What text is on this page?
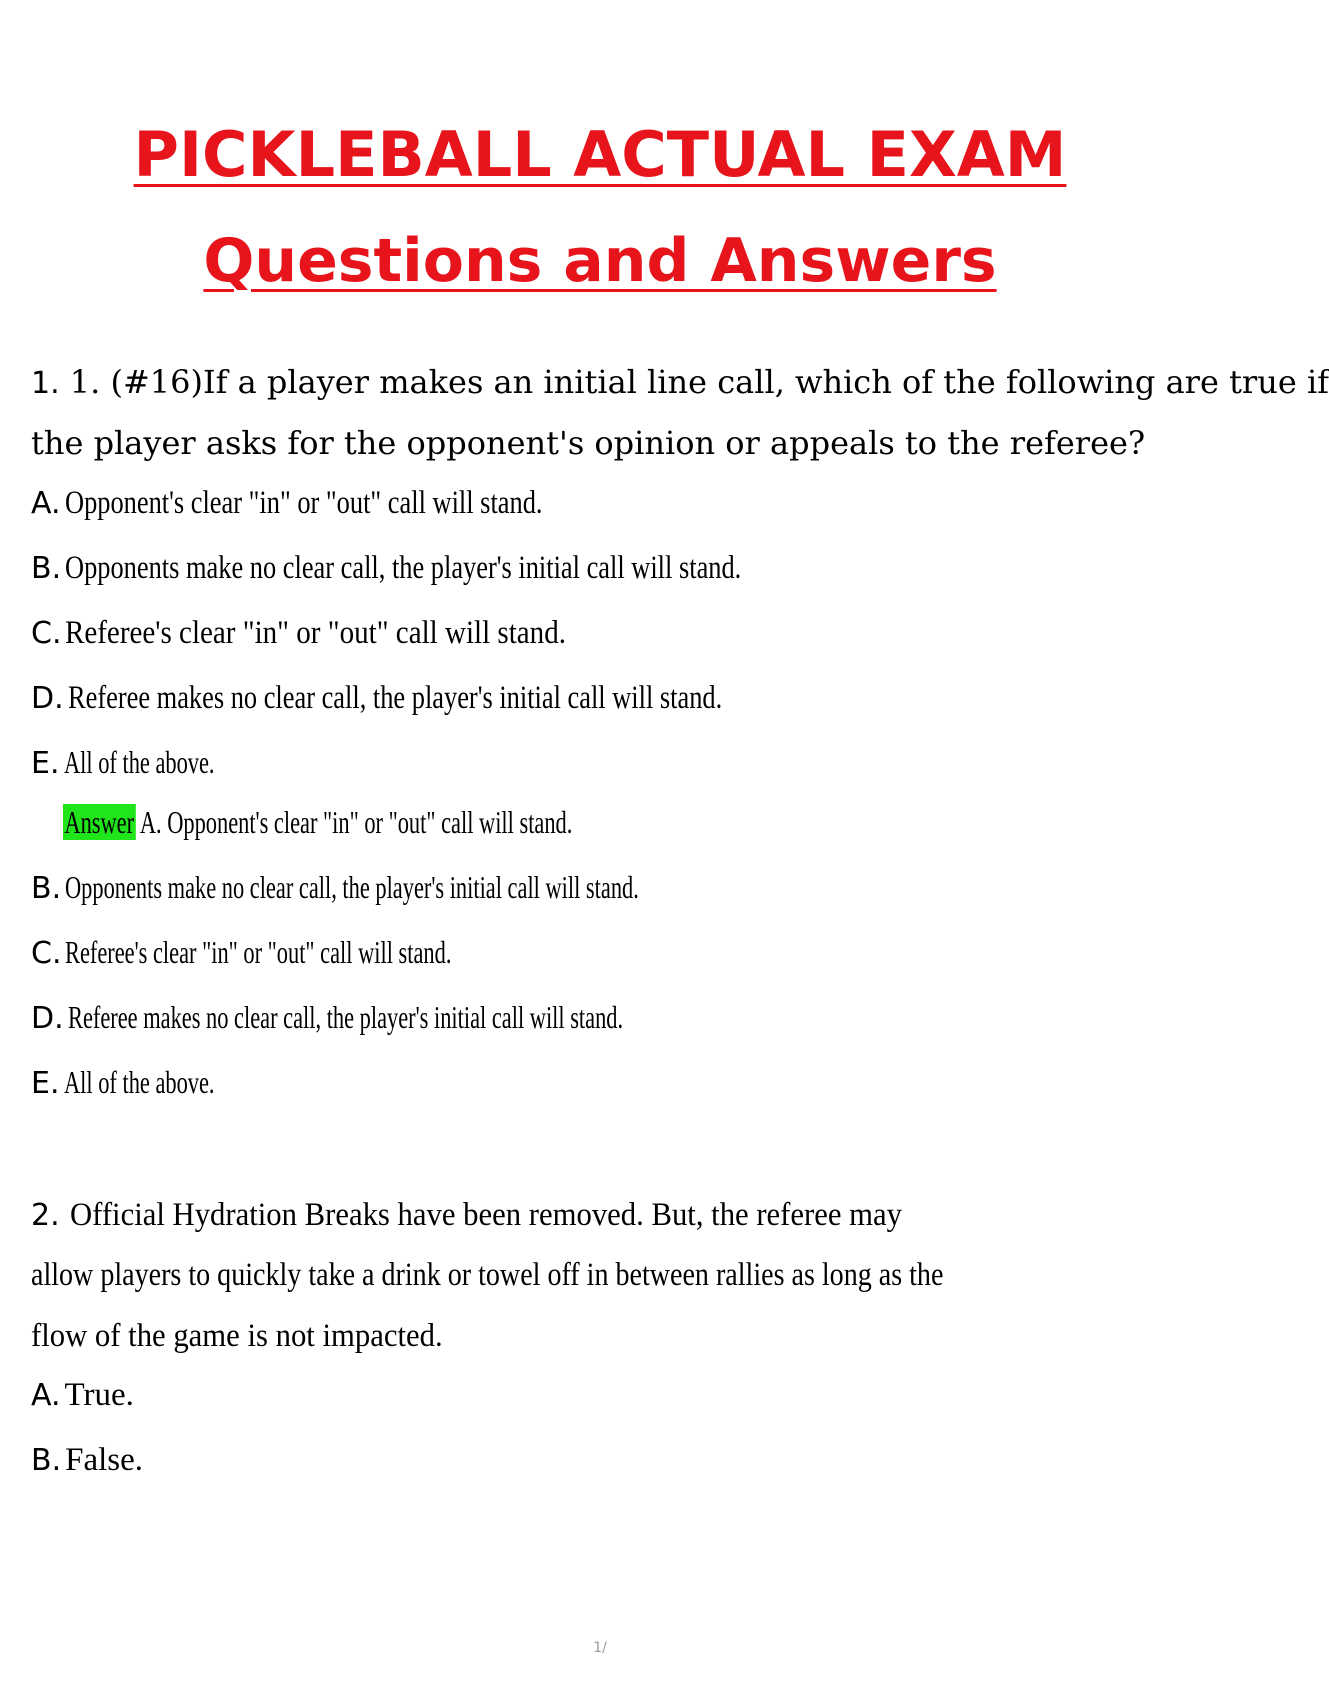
PICKLEBALL ACTUAL EXAM
Questions and Answers
1. 1. (#16)If a player makes an initial line call, which of the following are true if
the player asks for the opponent's opinion or appeals to the referee?
A. Opponent's clear "in" or "out" call will stand.
B. Opponents make no clear call, the player's initial call will stand.
C. Referee's clear "in" or "out" call will stand.
D. Referee makes no clear call, the player's initial call will stand.
E. All of the above.
Answer A. Opponent's clear "in" or "out" call will stand.
B. Opponents make no clear call, the player's initial call will stand.
C. Referee's clear "in" or "out" call will stand.
D. Referee makes no clear call, the player's initial call will stand.
E. All of the above.
2. Official Hydration Breaks have been removed. But, the referee may
allow players to quickly take a drink or towel off in between rallies as long as the
flow of the game is not impacted.
A. True.
B. False.
1/
